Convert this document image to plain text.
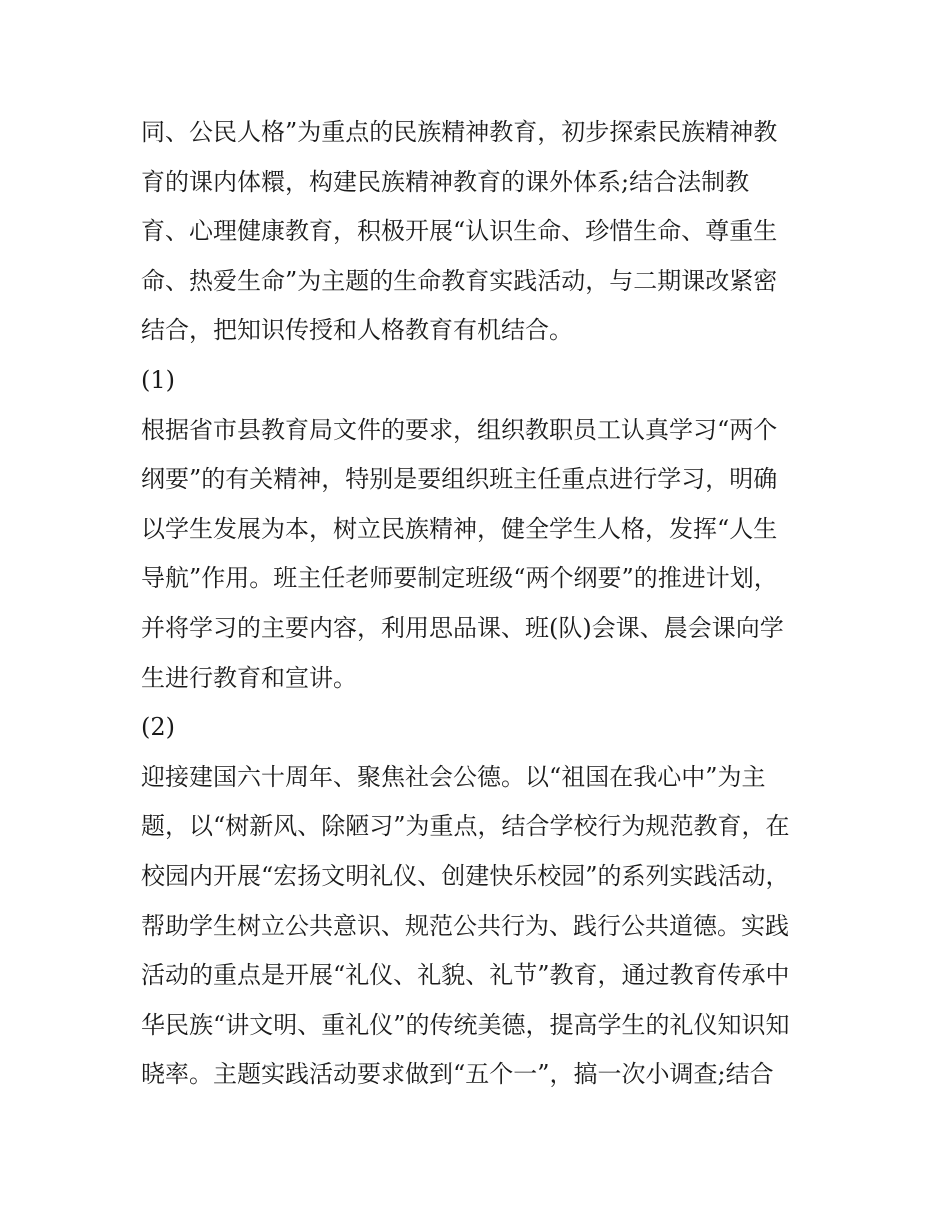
同、公民人格”为重点的民族精神教育，初步探索民族精神教
育的课内体糫，构建民族精神教育的课外体系;结合法制教
育、心理健康教育，积极开展“认识生命、珍惜生命、尊重生
命、热爱生命”为主题的生命教育实践活动，与二期课改紧密
结合，把知识传授和人格教育有机结合。
(1)
根据省市县教育局文件的要求，组织教职员工认真学习“两个
纲要”的有关精神，特别是要组织班主任重点进行学习，明确
以学生发展为本，树立民族精神，健全学生人格，发挥“人生
导航”作用。班主任老师要制定班级“两个纲要”的推进计划，
并将学习的主要内容，利用思品课、班(队)会课、晨会课向学
生进行教育和宣讲。
(2)
迎接建国六十周年、聚焦社会公德。以“祖国在我心中”为主
题，以“树新风、除陋习”为重点，结合学校行为规范教育，在
校园内开展“宏扬文明礼仪、创建快乐校园”的系列实践活动，
帮助学生树立公共意识、规范公共行为、践行公共道德。实践
活动的重点是开展“礼仪、礼貌、礼节”教育，通过教育传承中
华民族“讲文明、重礼仪”的传统美德，提高学生的礼仪知识知
晓率。主题实践活动要求做到“五个一”，搞一次小调查;结合
